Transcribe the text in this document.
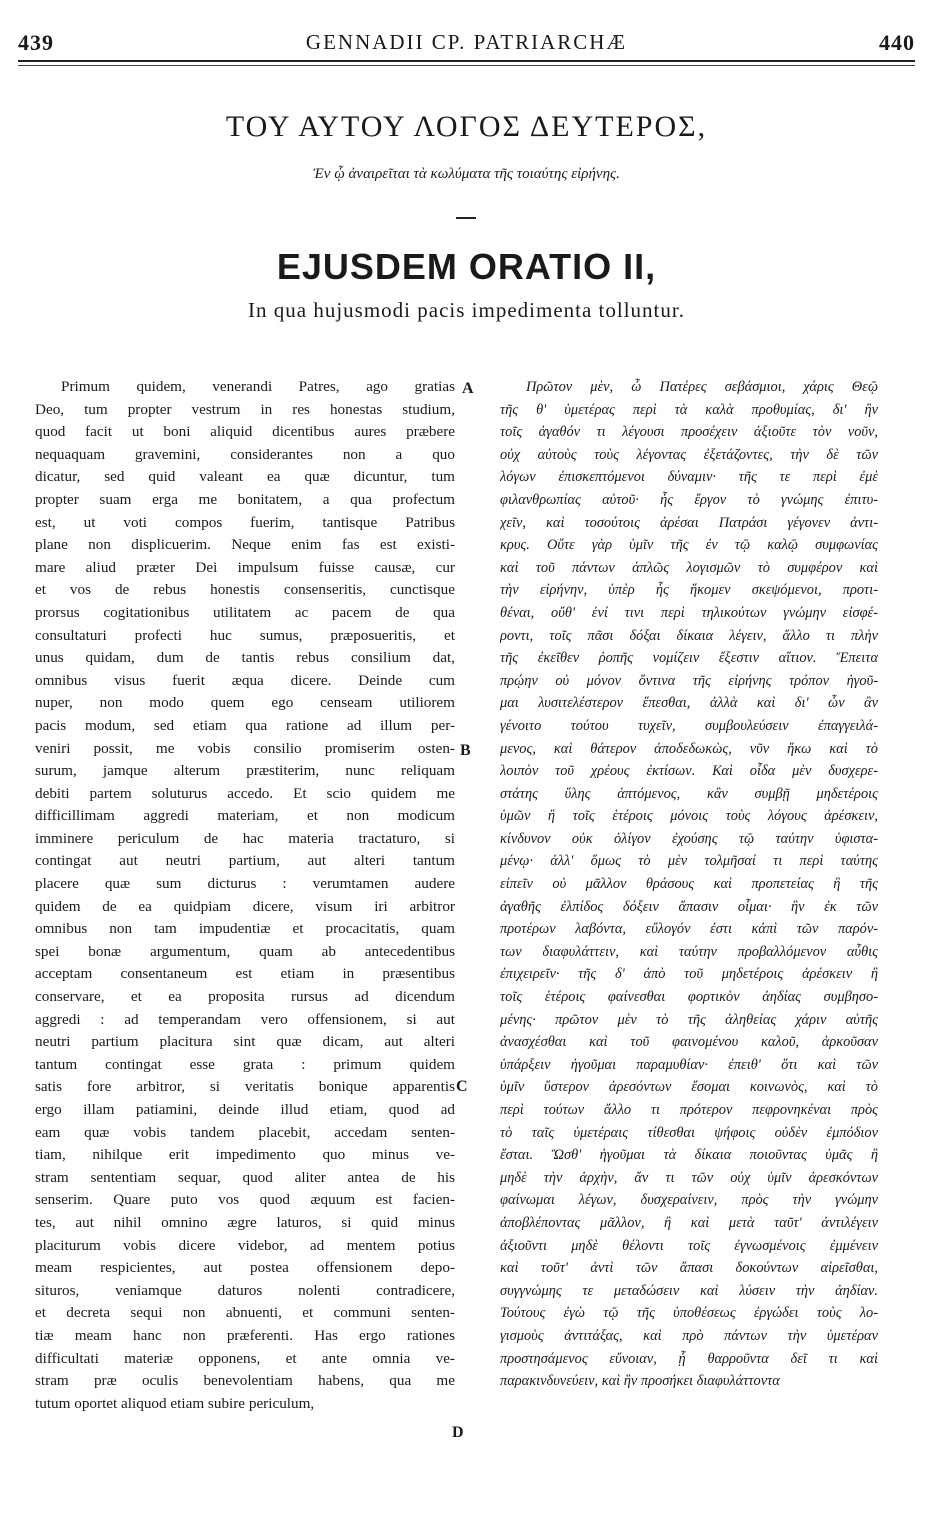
439	GENNADII CP. PATRIARCHÆ	440
ΤΟΥ ΑΥΤΟΥ ΛΟΓΟΣ ΔΕΥΤΕΡΟΣ,
Ἐν ᾧ ἀναιρεῖται τὰ κωλύματα τῆς τοιαύτης εἰρήνης.
EJUSDEM ORATIO II,
In qua hujusmodi pacis impedimenta tolluntur.
Primum quidem, venerandi Patres, ago gratias
Deo, tum propter vestrum in res honestas studium,
quod facit ut boni aliquid dicentibus aures præbere
nequaquam gravemini, considerantes non a quo
dicatur, sed quid valeant ea quæ dicuntur, tum
propter suam erga me bonitatem, a qua profectum
est, ut voti compos fuerim, tantisque Patribus
plane non displicuerim. Neque enim fas est existi-
mare aliud præter Dei impulsum fuisse causæ, cur
et vos de rebus honestis consenseritis, cunctisque
prorsus cogitationibus utilitatem ac pacem de qua
consultaturi profecti huc sumus, præposueritis, et
unus quidam, dum de tantis rebus consilium dat,
omnibus visus fuerit æqua dicere. Deinde cum
nuper, non modo quem ego censeam utiliorem
pacis modum, sed etiam qua ratione ad illum per-
veniri possit, me vobis consilio promiserim osten-
surum, jamque alterum præstiterim, nunc reliquam
debiti partem soluturus accedo. Et scio quidem me
difficillimam aggredi materiam, et non modicum
imminere periculum de hac materia tractaturo, si
contingat aut neutri partium, aut alteri tantum
placere quæ sum dicturus : verumtamen audere
quidem de ea quidpiam dicere, visum iri arbitror
omnibus non tam impudentiæ et procacitatis, quam
spei bonæ argumentum, quam ab antecedentibus
acceptam consentaneum est etiam in præsentibus
conservare, et ea proposita rursus ad dicendum
aggredi : ad temperandam vero offensionem, si aut
neutri partium placitura sint quæ dicam, aut alteri
tantum contingat esse grata : primum quidem
satis fore arbitror, si veritatis bonique apparentis
ergo illam patiamini, deinde illud etiam, quod ad
eam quæ vobis tandem placebit, accedam senten-
tiam, nihilque erit impedimento quo minus ve-
stram sententiam sequar, quod aliter antea de his
senserim. Quare puto vos quod æquum est facien-
tes, aut nihil omnino ægre laturos, si quid minus
placiturum vobis dicere videbor, ad mentem potius
meam respicientes, aut postea offensionem depo-
situros, veniamque daturos nolenti contradicere,
et decreta sequi non abnuenti, et communi senten-
tiæ meam hanc non præferenti. Has ergo rationes
difficultati materiæ opponens, et ante omnia ve-
stram præ oculis benevolentiam habens, qua me
tutum oportet aliquod etiam subire periculum,
Πρῶτον μὲν, ὦ Πατέρες σεβάσμιοι, χάρις Θεῷ
τῆς θ' ὑμετέρας περὶ τὰ καλὰ προθυμίας, δι' ἣν
τοῖς ἀγαθόν τι λέγουσι προσέχειν ἀξιοῦτε τὸν νοῦν,
οὐχ αὐτοὺς τοὺς λέγοντας ἐξετάζοντες, τὴν δὲ τῶν
λόγων ἐπισκεπτόμενοι δύναμιν· τῆς τε περὶ ἐμὲ
φιλανθρωπίας αὐτοῦ· ἧς ἔργον τὸ γνώμης ἐπιτυ-
χεῖν, καὶ τοσούτοις ἀρέσαι Πατράσι γέγονεν ἀντι-
κρυς. Οὔτε γὰρ ὑμῖν τῆς ἐν τῷ καλῷ συμφωνίας
καὶ τοῦ πάντων ἁπλῶς λογισμῶν τὸ συμφέρον καὶ
τὴν εἰρήνην, ὑπὲρ ἧς ἥκομεν σκεψόμενοι, προτι-
θέναι, οὔθ' ἑνί τινι περὶ τηλικούτων γνώμην εἰσφέ-
ροντι, τοῖς πᾶσι δόξαι δίκαια λέγειν, ἄλλο τι πλὴν
τῆς ἐκεῖθεν ῥοπῆς νομίζειν ἔξεστιν αἴτιον. Ἔπειτα
πρῴην οὐ μόνον ὅντινα τῆς εἰρήνης τρόπον ἡγοῦ-
μαι λυσιτελέστερον ἕπεσθαι, ἀλλὰ καὶ δι' ὧν ἂν
γένοιτο τούτου τυχεῖν, συμβουλεύσειν ἐπαγγειλά-
μενος, καὶ θάτερον ἀποδεδωκὼς, νῦν ἥκω καὶ τὸ
λοιπὸν τοῦ χρέους ἐκτίσων. Καὶ οἶδα μὲν δυσχερε-
στάτης ὕλης ἁπτόμενος, κἂν συμβῇ μηδετέροις
ὑμῶν ἢ τοῖς ἑτέροις μόνοις τοὺς λόγους ἀρέσκειν,
κίνδυνον οὐκ ὀλίγον ἐχούσης τῷ ταύτην ὑφιστα-
μένῳ· ἀλλ' ὅμως τὸ μὲν τολμῆσαί τι περὶ ταύτης
εἰπεῖν οὐ μᾶλλον θράσους καὶ προπετείας ἢ τῆς
ἀγαθῆς ἐλπίδος δόξειν ἅπασιν οἶμαι· ἣν ἐκ τῶν
προτέρων λαβόντα, εὔλογόν ἐστι κἀπὶ τῶν παρόν-
των διαφυλάττειν, καὶ ταύτην προβαλλόμενον αὖθις
ἐπιχειρεῖν· τῆς δ' ἀπὸ τοῦ μηδετέροις ἀρέσκειν ἢ
τοῖς ἑτέροις φαίνεσθαι φορτικὸν ἀηδίας συμβησο-
μένης· πρῶτον μὲν τὸ τῆς ἀληθείας χάριν αὐτῆς
ἀνασχέσθαι καὶ τοῦ φαινομένου καλοῦ, ἀρκοῦσαν
ὑπάρξειν ἡγοῦμαι παραμυθίαν· ἐπειθ' ὅτι καὶ τῶν
ὑμῖν ὕστερον ἀρεσόντων ἔσομαι κοινωνὸς, καὶ τὸ
περὶ τούτων ἄλλο τι πρότερον πεφρονηκέναι πρὸς
τὸ ταῖς ὑμετέραις τίθεσθαι ψήφοις οὐδὲν ἐμπόδιον
ἔσται. Ὥσθ' ἡγοῦμαι τὰ δίκαια ποιοῦντας ὑμᾶς ἢ
μηδὲ τὴν ἀρχὴν, ἄν τι τῶν οὐχ ὑμῖν ἀρεσκόντων
φαίνωμαι λέγων, δυσχεραίνειν, πρὸς τὴν γνώμην
ἀποβλέποντας μᾶλλον, ἢ καὶ μετὰ ταῦτ' ἀντιλέγειν
ἀξιοῦντι μηδὲ θέλοντι τοῖς ἐγνωσμένοις ἐμμένειν
καὶ τοῦτ' ἀντὶ τῶν ἅπασι δοκούντων αἱρεῖσθαι,
συγγνώμης τε μεταδώσειν καὶ λύσειν τὴν ἀηδίαν.
Τούτους ἐγὼ τῷ τῆς ὑποθέσεως ἐργώδει τοὺς λο-
γισμοὺς ἀντιτάξας, καὶ πρὸ πάντων τὴν ὑμετέραν
προστησάμενος εὔνοιαν, ᾗ θαρροῦντα δεῖ τι καὶ
παρακινδυνεύειν, καὶ ἣν προσήκει διαφυλάττοντα
A
B
C
D
